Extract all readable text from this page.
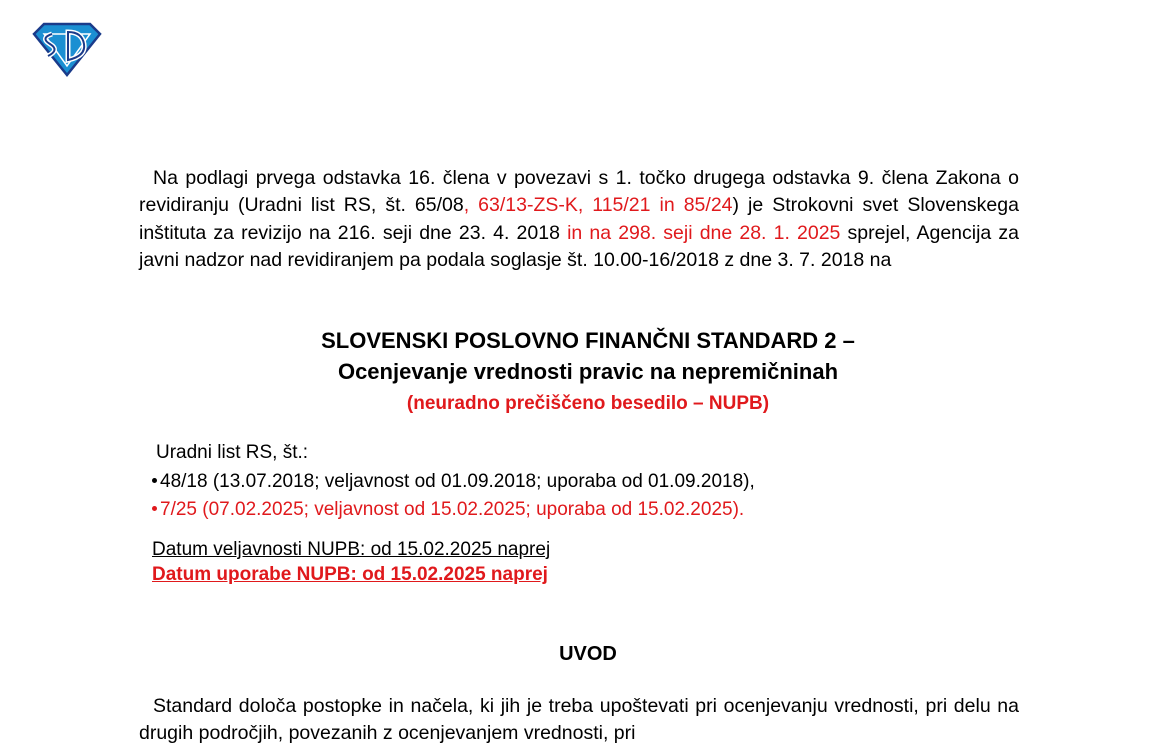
Na podlagi prvega odstavka 16. člena v povezavi s 1. točko drugega odstavka 9. člena Zakona o revidiranju (Uradni list RS, št. 65/08, 63/13-ZS-K, 115/21 in 85/24) je Strokovni svet Slovenskega inštituta za revizijo na 216. seji dne 23. 4. 2018 in na 298. seji dne 28. 1. 2025 sprejel, Agencija za javni nadzor nad revidiranjem pa podala soglasje št. 10.00-16/2018 z dne 3. 7. 2018 na

SLOVENSKI POSLOVNO FINANČNI STANDARD 2 –
Ocenjevanje vrednosti pravic na nepremičninah
(neuradno prečiščeno besedilo – NUPB)
Uradni list RS, št.:
48/18 (13.07.2018; veljavnost od 01.09.2018; uporaba od 01.09.2018),
7/25 (07.02.2025; veljavnost od 15.02.2025; uporaba od 15.02.2025).
Datum veljavnosti NUPB: od 15.02.2025 naprej
Datum uporabe NUPB: od 15.02.2025 naprej
UVOD

Standard določa postopke in načela, ki jih je treba upoštevati pri ocenjevanju vrednosti, pri delu na drugih področjih, povezanih z ocenjevanjem vrednosti, pri
